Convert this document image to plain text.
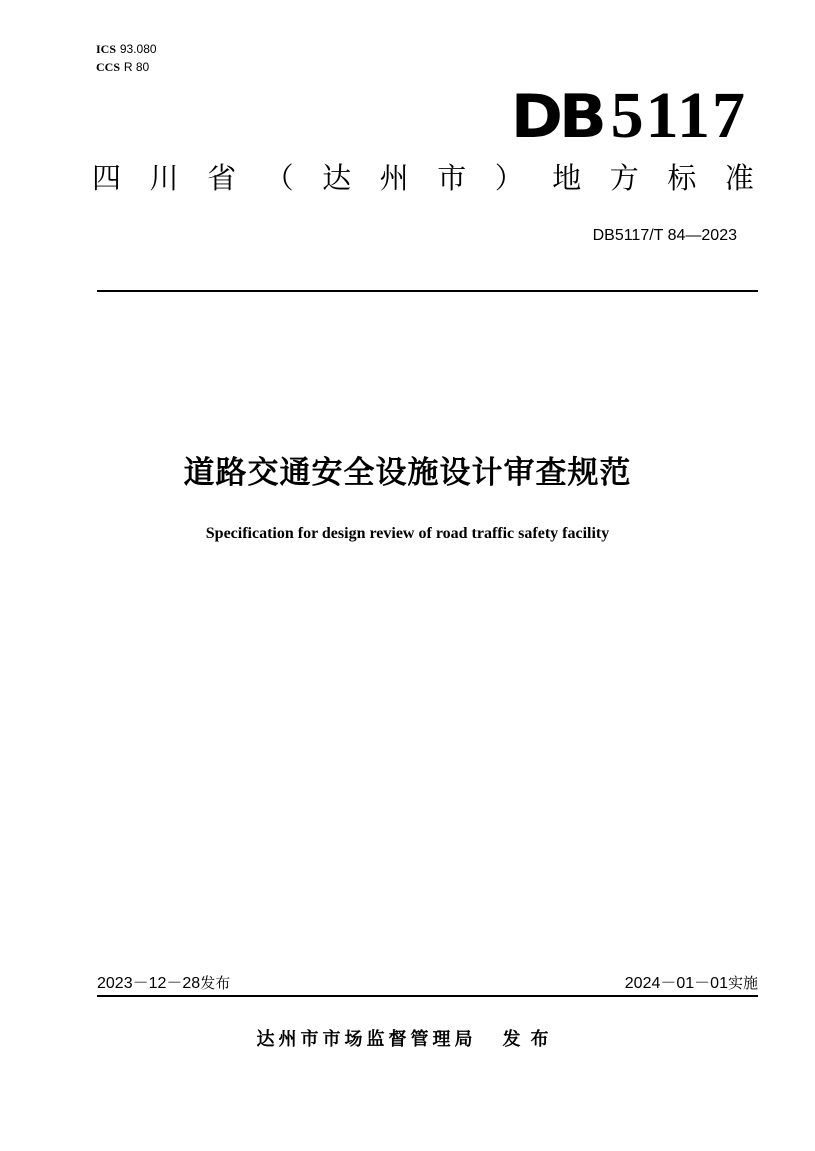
ICS 93.080
CCS R 80
DB 5117
四 川 省 （ 达 州 市 ） 地 方 标 准
DB5117/T 84—2023
道路交通安全设施设计审查规范
Specification for design review of road traffic safety facility
2023－12－28发布	2024－01－01实施
达州市市场监督管理局 发布
